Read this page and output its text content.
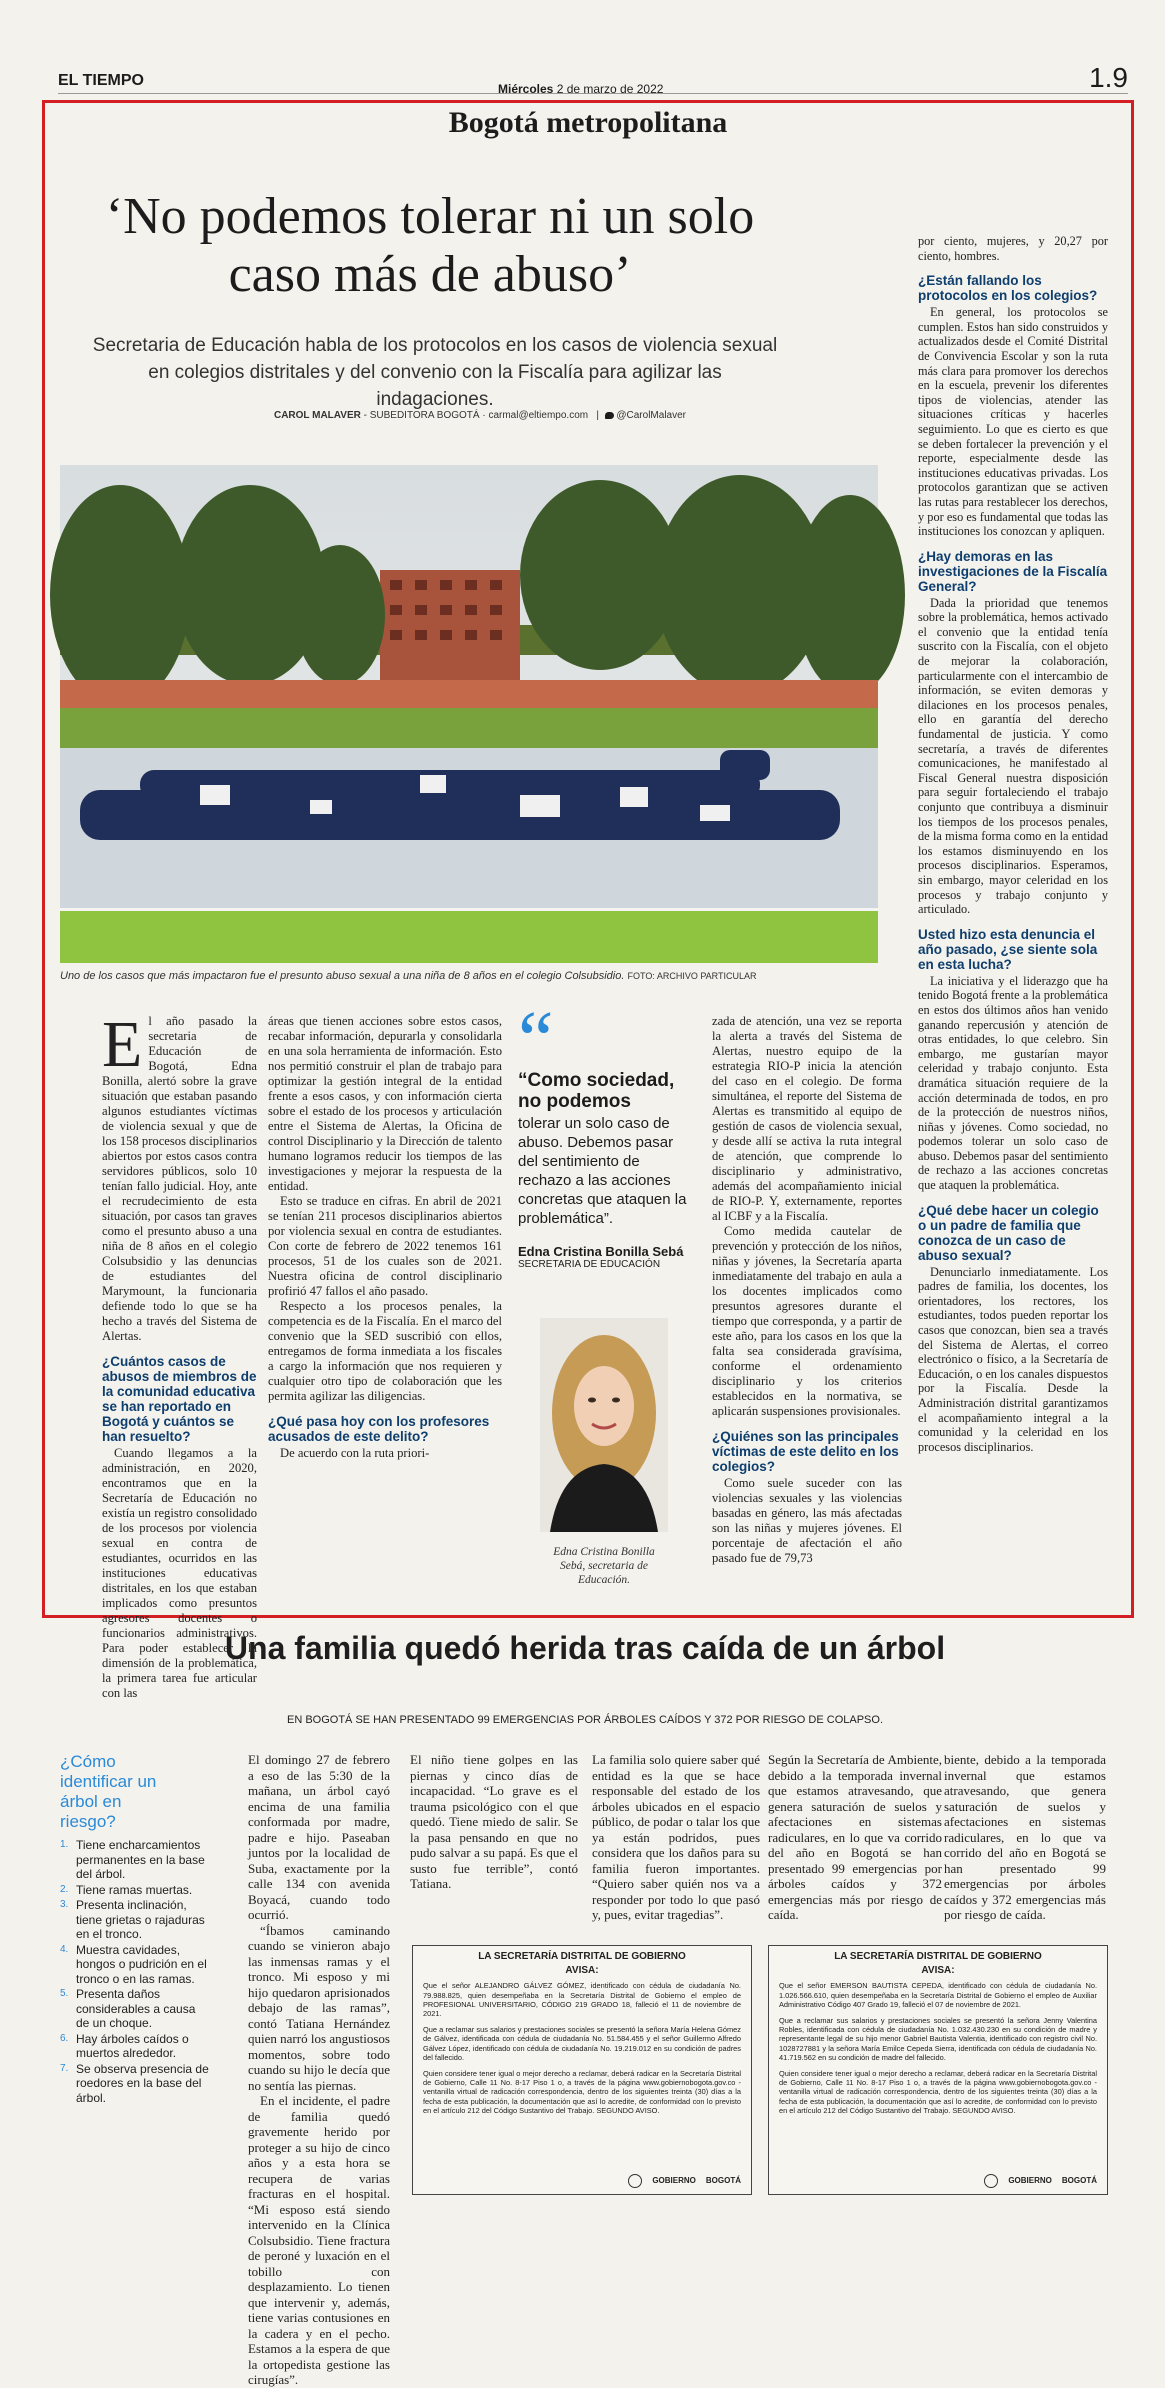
EL TIEMPO	Miércoles 2 de marzo de 2022	1.9
Bogotá metropolitana
‘No podemos tolerar ni un solo caso más de abuso’

Secretaria de Educación habla de los protocolos en los casos de violencia sexual en colegios distritales y del convenio con la Fiscalía para agilizar las indagaciones.

CAROL MALAVER - SUBEDITORA BOGOTÁ · carmal@eltiempo.com   |   @CarolMalaver
Uno de los casos que más impactaron fue el presunto abuso sexual a una niña de 8 años en el colegio Colsubsidio. FOTO: ARCHIVO PARTICULAR
E l año pasado la secretaria de Educación de Bogotá, Edna Bonilla, alertó sobre la grave situación que estaban pasando algunos estudiantes víctimas de violencia sexual y que de los 158 procesos disciplinarios abiertos por estos casos contra servidores públicos, solo 10 tenían fallo judicial. Hoy, ante el recrudecimiento de esta situación, por casos tan graves como el presunto abuso a una niña de 8 años en el colegio Colsubsidio y las denuncias de estudiantes del Marymount, la funcionaria defiende todo lo que se ha hecho a través del Sistema de Alertas.

¿Cuántos casos de abusos de miembros de la comunidad educativa se han reportado en Bogotá y cuántos se han resuelto?

Cuando llegamos a la administración, en 2020, encontramos que en la Secretaría de Educación no existía un registro consolidado de los procesos por violencia sexual en contra de estudiantes, ocurridos en las instituciones educativas distritales, en los que estaban implicados como presuntos agresores docentes o funcionarios administrativos. Para poder establecer la dimensión de la problemática, la primera tarea fue articular con las

áreas que tienen acciones sobre estos casos, recabar información, depurarla y consolidarla en una sola herramienta de información. Esto nos permitió construir el plan de trabajo para optimizar la gestión integral de la entidad frente a esos casos, y con información cierta sobre el estado de los procesos y articulación entre el Sistema de Alertas, la Oficina de control Disciplinario y la Dirección de talento humano logramos reducir los tiempos de las investigaciones y mejorar la respuesta de la entidad.

Esto se traduce en cifras. En abril de 2021 se tenían 211 procesos disciplinarios abiertos por violencia sexual en contra de estudiantes. Con corte de febrero de 2022 tenemos 161 procesos, 51 de los cuales son de 2021. Nuestra oficina de control disciplinario profirió 47 fallos el año pasado.

Respecto a los procesos penales, la competencia es de la Fiscalía. En el marco del convenio que la SED suscribió con ellos, entregamos de forma inmediata a los fiscales a cargo la información que nos requieren y cualquier otro tipo de colaboración que les permita agilizar las diligencias.

¿Qué pasa hoy con los profesores acusados de este delito?

De acuerdo con la ruta priori-

“
“Como sociedad, no podemos
tolerar un solo caso de abuso. Debemos pasar del sentimiento de rechazo a las acciones concretas que ataquen la problemática”.
Edna Cristina Bonilla Sebá
SECRETARIA DE EDUCACIÓN
Edna Cristina Bonilla Sebá, secretaria de Educación.

zada de atención, una vez se reporta la alerta a través del Sistema de Alertas, nuestro equipo de la estrategia RIO-P inicia la atención del caso en el colegio. De forma simultánea, el reporte del Sistema de Alertas es transmitido al equipo de gestión de casos de violencia sexual, y desde allí se activa la ruta integral de atención, que comprende lo disciplinario y administrativo, además del acompañamiento inicial de RIO-P. Y, externamente, reportes al ICBF y a la Fiscalía.

Como medida cautelar de prevención y protección de los niños, niñas y jóvenes, la Secretaría aparta inmediatamente del trabajo en aula a los docentes implicados como presuntos agresores durante el tiempo que corresponda, y a partir de este año, para los casos en los que la falta sea considerada gravísima, conforme el ordenamiento disciplinario y los criterios establecidos en la normativa, se aplicarán suspensiones provisionales.

¿Quiénes son las principales víctimas de este delito en los colegios?

Como suele suceder con las violencias sexuales y las violencias basadas en género, las más afectadas son las niñas y mujeres jóvenes. El porcentaje de afectación el año pasado fue de 79,73

por ciento, mujeres, y 20,27 por ciento, hombres.

¿Están fallando los protocolos en los colegios?

En general, los protocolos se cumplen. Estos han sido construidos y actualizados desde el Comité Distrital de Convivencia Escolar y son la ruta más clara para promover los derechos en la escuela, prevenir los diferentes tipos de violencias, atender las situaciones críticas y hacerles seguimiento. Lo que es cierto es que se deben fortalecer la prevención y el reporte, especialmente desde las instituciones educativas privadas. Los protocolos garantizan que se activen las rutas para restablecer los derechos, y por eso es fundamental que todas las instituciones los conozcan y apliquen.

¿Hay demoras en las investigaciones de la Fiscalía General?

Dada la prioridad que tenemos sobre la problemática, hemos activado el convenio que la entidad tenía suscrito con la Fiscalía, con el objeto de mejorar la colaboración, particularmente con el intercambio de información, se eviten demoras y dilaciones en los procesos penales, ello en garantía del derecho fundamental de justicia. Y como secretaría, a través de diferentes comunicaciones, he manifestado al Fiscal General nuestra disposición para seguir fortaleciendo el trabajo conjunto que contribuya a disminuir los tiempos de los procesos penales, de la misma forma como en la entidad los estamos disminuyendo en los procesos disciplinarios. Esperamos, sin embargo, mayor celeridad en los procesos y trabajo conjunto y articulado.

Usted hizo esta denuncia el año pasado, ¿se siente sola en esta lucha?

La iniciativa y el liderazgo que ha tenido Bogotá frente a la problemática en estos dos últimos años han venido ganando repercusión y atención de otras entidades, lo que celebro. Sin embargo, me gustarían mayor celeridad y trabajo conjunto. Esta dramática situación requiere de la acción determinada de todos, en pro de la protección de nuestros niños, niñas y jóvenes. Como sociedad, no podemos tolerar un solo caso de abuso. Debemos pasar del sentimiento de rechazo a las acciones concretas que ataquen la problemática.

¿Qué debe hacer un colegio o un padre de familia que conozca de un caso de abuso sexual?

Denunciarlo inmediatamente. Los padres de familia, los docentes, los orientadores, los rectores, los estudiantes, todos pueden reportar los casos que conozcan, bien sea a través del Sistema de Alertas, el correo electrónico o físico, a la Secretaría de Educación, o en los canales dispuestos por la Fiscalía. Desde la Administración distrital garantizamos el acompañamiento integral a la comunidad y la celeridad en los procesos disciplinarios.

Una familia quedó herida tras caída de un árbol
EN BOGOTÁ SE HAN PRESENTADO 99 EMERGENCIAS POR ÁRBOLES CAÍDOS Y 372 POR RIESGO DE COLAPSO.
¿Cómo identificar un árbol en riesgo?
1. Tiene encharcamientos permanentes en la base del árbol.
2. Tiene ramas muertas.
3. Presenta inclinación, tiene grietas o rajaduras en el tronco.
4. Muestra cavidades, hongos o pudrición en el tronco o en las ramas.
5. Presenta daños considerables a causa de un choque.
6. Hay árboles caídos o muertos alrededor.
7. Se observa presencia de roedores en la base del árbol.

El domingo 27 de febrero a eso de las 5:30 de la mañana, un árbol cayó encima de una familia conformada por madre, padre e hijo. Paseaban juntos por la localidad de Suba, exactamente por la calle 134 con avenida Boyacá, cuando todo ocurrió.

“Íbamos caminando cuando se vinieron abajo las inmensas ramas y el tronco. Mi esposo y mi hijo quedaron aprisionados debajo de las ramas”, contó Tatiana Hernández quien narró los angustiosos momentos, sobre todo cuando su hijo le decía que no sentía las piernas.

En el incidente, el padre de familia quedó gravemente herido por proteger a su hijo de cinco años y a esta hora se recupera de varias fracturas en el hospital. “Mi esposo está siendo intervenido en la Clínica Colsubsidio. Tiene fractura de peroné y luxación en el tobillo con desplazamiento. Lo tienen que intervenir y, además, tiene varias contusiones en la cadera y en el pecho. Estamos a la espera de que la ortopedista gestione las cirugías”.

El niño tiene golpes en las piernas y cinco días de incapacidad. “Lo grave es el trauma psicológico con el que quedó. Tiene miedo de salir. Se la pasa pensando en que no pudo salvar a su papá. Es que el susto fue terrible”, contó Tatiana.

La familia solo quiere saber qué entidad es la que se hace responsable del estado de los árboles ubicados en el espacio público, de podar o talar los que ya están podridos, pues considera que los daños para su familia fueron importantes. “Quiero saber quién nos va a responder por todo lo que pasó y, pues, evitar tragedias”.

Según la Secretaría de Ambiente, debido a la temporada invernal que estamos atravesando, que genera saturación de suelos y afectaciones en sistemas radiculares, en lo que va corrido del año en Bogotá se han presentado 99 emergencias por árboles caídos y 372 emergencias más por riesgo de caída.

biente, debido a la temporada invernal que estamos atravesando, que genera saturación de suelos y afectaciones en sistemas radiculares, en lo que va corrido del año en Bogotá se han presentado 99 emergencias por árboles caídos y 372 emergencias más por riesgo de caída.

LA SECRETARÍA DISTRITAL DE GOBIERNO
AVISA:

Que el señor ALEJANDRO GÁLVEZ GÓMEZ, identificado con cédula de ciudadanía No. 79.988.825, quien desempeñaba en la Secretaría Distrital de Gobierno el empleo de PROFESIONAL UNIVERSITARIO, CÓDIGO 219 GRADO 18, falleció el 11 de noviembre de 2021.

Que a reclamar sus salarios y prestaciones sociales se presentó la señora María Helena Gómez de Gálvez, identificada con cédula de ciudadanía No. 51.584.455 y el señor Guillermo Alfredo Gálvez López, identificado con cédula de ciudadanía No. 19.219.012 en su condición de padres del fallecido.

Quien considere tener igual o mejor derecho a reclamar, deberá radicar en la Secretaría Distrital de Gobierno, Calle 11 No. 8-17 Piso 1 o, a través de la página www.gobiernobogota.gov.co - ventanilla virtual de radicación correspondencia, dentro de los siguientes treinta (30) días a la fecha de esta publicación, la documentación que así lo acredite, de conformidad con lo previsto en el artículo 212 del Código Sustantivo del Trabajo. SEGUNDO AVISO.

GOBIERNO BOGOTÁ
LA SECRETARÍA DISTRITAL DE GOBIERNO
AVISA:

Que el señor EMERSON BAUTISTA CEPEDA, identificado con cédula de ciudadanía No. 1.026.566.610, quien desempeñaba en la Secretaría Distrital de Gobierno el empleo de Auxiliar Administrativo Código 407 Grado 19, falleció el 07 de noviembre de 2021.

Que a reclamar sus salarios y prestaciones sociales se presentó la señora Jenny Valentina Robles, identificada con cédula de ciudadanía No. 1.032.430.230 en su condición de madre y representante legal de su hijo menor Gabriel Bautista Valentia, identificado con registro civil No. 1028727881 y la señora María Emilce Cepeda Sierra, identificada con cédula de ciudadanía No. 41.719.562 en su condición de madre del fallecido.

Quien considere tener igual o mejor derecho a reclamar, deberá radicar en la Secretaría Distrital de Gobierno, Calle 11 No. 8-17 Piso 1 o, a través de la página www.gobiernobogota.gov.co - ventanilla virtual de radicación correspondencia, dentro de los siguientes treinta (30) días a la fecha de esta publicación, la documentación que así lo acredite, de conformidad con lo previsto en el artículo 212 del Código Sustantivo del Trabajo. SEGUNDO AVISO.

GOBIERNO BOGOTÁ
